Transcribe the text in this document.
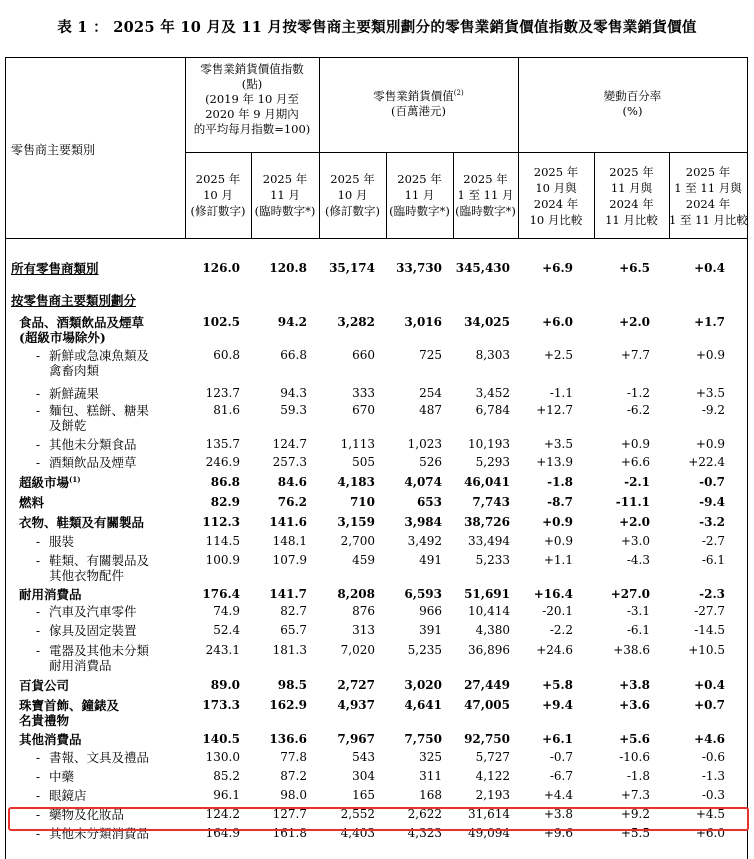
表 1 ： 2025 年 10 月及 11 月按零售商主要類別劃分的零售業銷貨價值指數及零售業銷貨價值
零售商主要類別
零售業銷貨價值指數
(點)
(2019 年 10 月至
2020 年 9 月期內
的平均每月指數=100)
零售業銷貨價值$^{(2)}$
(百萬港元)
變動百分率
(%)
2025 年
10 月
(修訂數字)
2025 年
11 月
(臨時數字*)
2025 年
10 月
(修訂數字)
2025 年
11 月
(臨時數字*)
2025 年
1 至 11 月
(臨時數字*)
2025 年
10 月與
2024 年
10 月比較
2025 年
11 月與
2024 年
11 月比較
2025 年
1 至 11 月與
2024 年
1 至 11 月比較
所有零售商類別	126.0	120.8	35,174	33,730 345,430	+6.9	+6.5	+0.4
按零售商主要類別劃分
食品、酒類飲品及煙草
(超級市場除外)
102.5	94.2	3,282	3,016	34,025	+6.0	+2.0	+1.7
- 新鮮或急凍魚類及
禽畜肉類
60.8	66.8	660	725	8,303	+2.5	+7.7	+0.9
- 新鮮蔬果	123.7	94.3	333	254	3,452	-1.1	-1.2	+3.5
- 麵包、糕餅、糖果
及餅乾
81.6	59.3	670	487	6,784	+12.7	-6.2	-9.2
- 其他未分類食品	135.7	124.7	1,113	1,023	10,193	+3.5	+0.9	+0.9
- 酒類飲品及煙草	246.9	257.3	505	526	5,293	+13.9	+6.6	+22.4
超級市場$^{(1)}$	86.8	84.6	4,183	4,074	46,041	-1.8	-2.1	-0.7
燃料	82.9	76.2	710	653	7,743	-8.7	-11.1	-9.4
衣物、鞋類及有關製品	112.3	141.6	3,159	3,984	38,726	+0.9	+2.0	-3.2
- 服裝	114.5	148.1	2,700	3,492	33,494	+0.9	+3.0	-2.7
- 鞋類、有關製品及
其他衣物配件
100.9	107.9	459	491	5,233	+1.1	-4.3	-6.1
耐用消費品	176.4	141.7	8,208	6,593	51,691	+16.4	+27.0	-2.3
- 汽車及汽車零件	74.9	82.7	876	966	10,414	-20.1	-3.1	-27.7
- 傢具及固定裝置	52.4	65.7	313	391	4,380	-2.2	-6.1	-14.5
- 電器及其他未分類
耐用消費品
243.1	181.3	7,020	5,235	36,896	+24.6	+38.6	+10.5
百貨公司	89.0	98.5	2,727	3,020	27,449	+5.8	+3.8	+0.4
珠寶首飾、鐘錶及
名貴禮物
173.3	162.9	4,937	4,641	47,005	+9.4	+3.6	+0.7
其他消費品	140.5	136.6	7,967	7,750	92,750	+6.1	+5.6	+4.6
- 書報、文具及禮品	130.0	77.8	543	325	5,727	-0.7	-10.6	-0.6
- 中藥	85.2	87.2	304	311	4,122	-6.7	-1.8	-1.3
- 眼鏡店	96.1	98.0	165	168	2,193	+4.4	+7.3	-0.3
- 藥物及化妝品	124.2	127.7	2,552	2,622	31,614	+3.8	+9.2	+4.5
- 其他未分類消費品	164.9	161.8	4,403	4,323	49,094	+9.6	+5.5	+6.0
